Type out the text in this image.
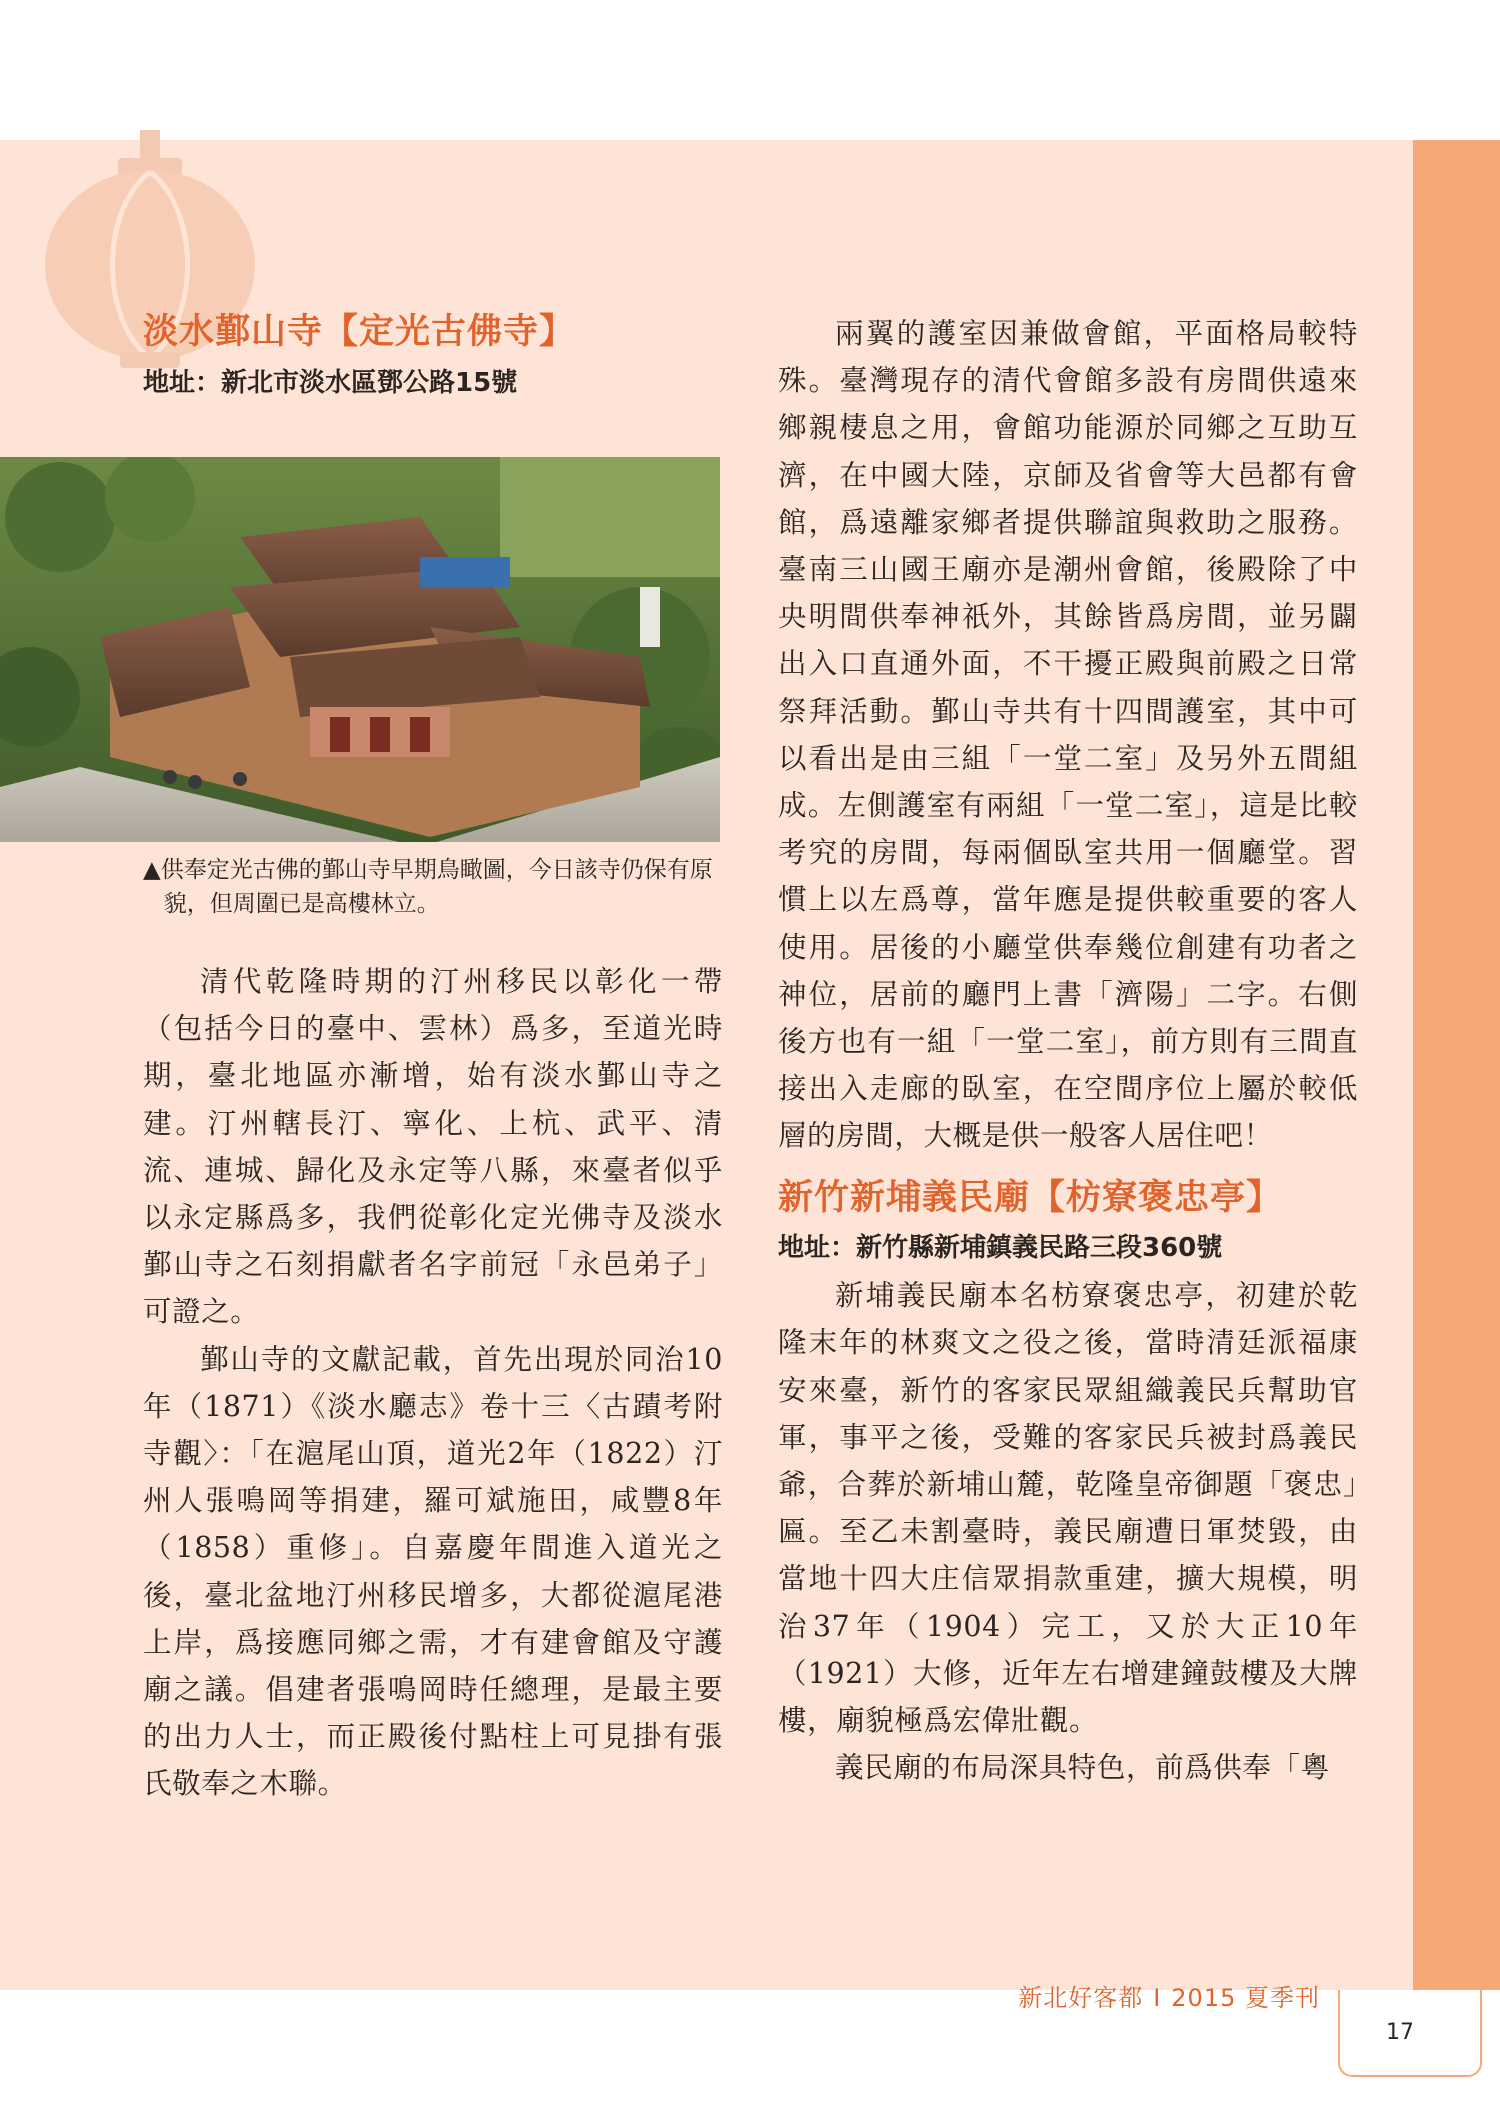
淡水鄞山寺【定光古佛寺】
地址：新北市淡水區鄧公路15號
▲供奉定光古佛的鄞山寺早期鳥瞰圖，今日該寺仍保有原貌，但周圍已是高樓林立。

清代乾隆時期的汀州移民以彰化一帶（包括今日的臺中、雲林）爲多，至道光時期，臺北地區亦漸增，始有淡水鄞山寺之建。汀州轄長汀、寧化、上杭、武平、清流、連城、歸化及永定等八縣，來臺者似乎以永定縣爲多，我們從彰化定光佛寺及淡水鄞山寺之石刻捐獻者名字前冠「永邑弟子」可證之。

鄞山寺的文獻記載，首先出現於同治10年（1871）《淡水廳志》卷十三〈古蹟考附寺觀〉：「在滬尾山頂，道光2年（1822）汀州人張鳴岡等捐建，羅可斌施田，咸豐8年（1858）重修」。自嘉慶年間進入道光之後，臺北盆地汀州移民增多，大都從滬尾港上岸，爲接應同鄉之需，才有建會館及守護廟之議。倡建者張鳴岡時任總理，是最主要的出力人士，而正殿後付點柱上可見掛有張氏敬奉之木聯。

兩翼的護室因兼做會館，平面格局較特殊。臺灣現存的清代會館多設有房間供遠來鄉親棲息之用，會館功能源於同鄉之互助互濟，在中國大陸，京師及省會等大邑都有會館，爲遠離家鄉者提供聯誼與救助之服務。臺南三山國王廟亦是潮州會館，後殿除了中央明間供奉神祇外，其餘皆爲房間，並另闢出入口直通外面，不干擾正殿與前殿之日常祭拜活動。鄞山寺共有十四間護室，其中可以看出是由三組「一堂二室」及另外五間組成。左側護室有兩組「一堂二室」，這是比較考究的房間，每兩個臥室共用一個廳堂。習慣上以左爲尊，當年應是提供較重要的客人使用。居後的小廳堂供奉幾位創建有功者之神位，居前的廳門上書「濟陽」二字。右側後方也有一組「一堂二室」，前方則有三間直接出入走廊的臥室，在空間序位上屬於較低層的房間，大概是供一般客人居住吧！

新竹新埔義民廟【枋寮褒忠亭】
地址：新竹縣新埔鎮義民路三段360號

新埔義民廟本名枋寮褒忠亭，初建於乾隆末年的林爽文之役之後，當時清廷派福康安來臺，新竹的客家民眾組織義民兵幫助官軍，事平之後，受難的客家民兵被封爲義民爺，合葬於新埔山麓，乾隆皇帝御題「褒忠」匾。至乙未割臺時，義民廟遭日軍焚毀，由當地十四大庄信眾捐款重建，擴大規模，明治37年（1904）完工，又於大正10年（1921）大修，近年左右增建鐘鼓樓及大牌樓，廟貌極爲宏偉壯觀。

義民廟的布局深具特色，前爲供奉「粵

新北好客都 I 2015 夏季刊
17
